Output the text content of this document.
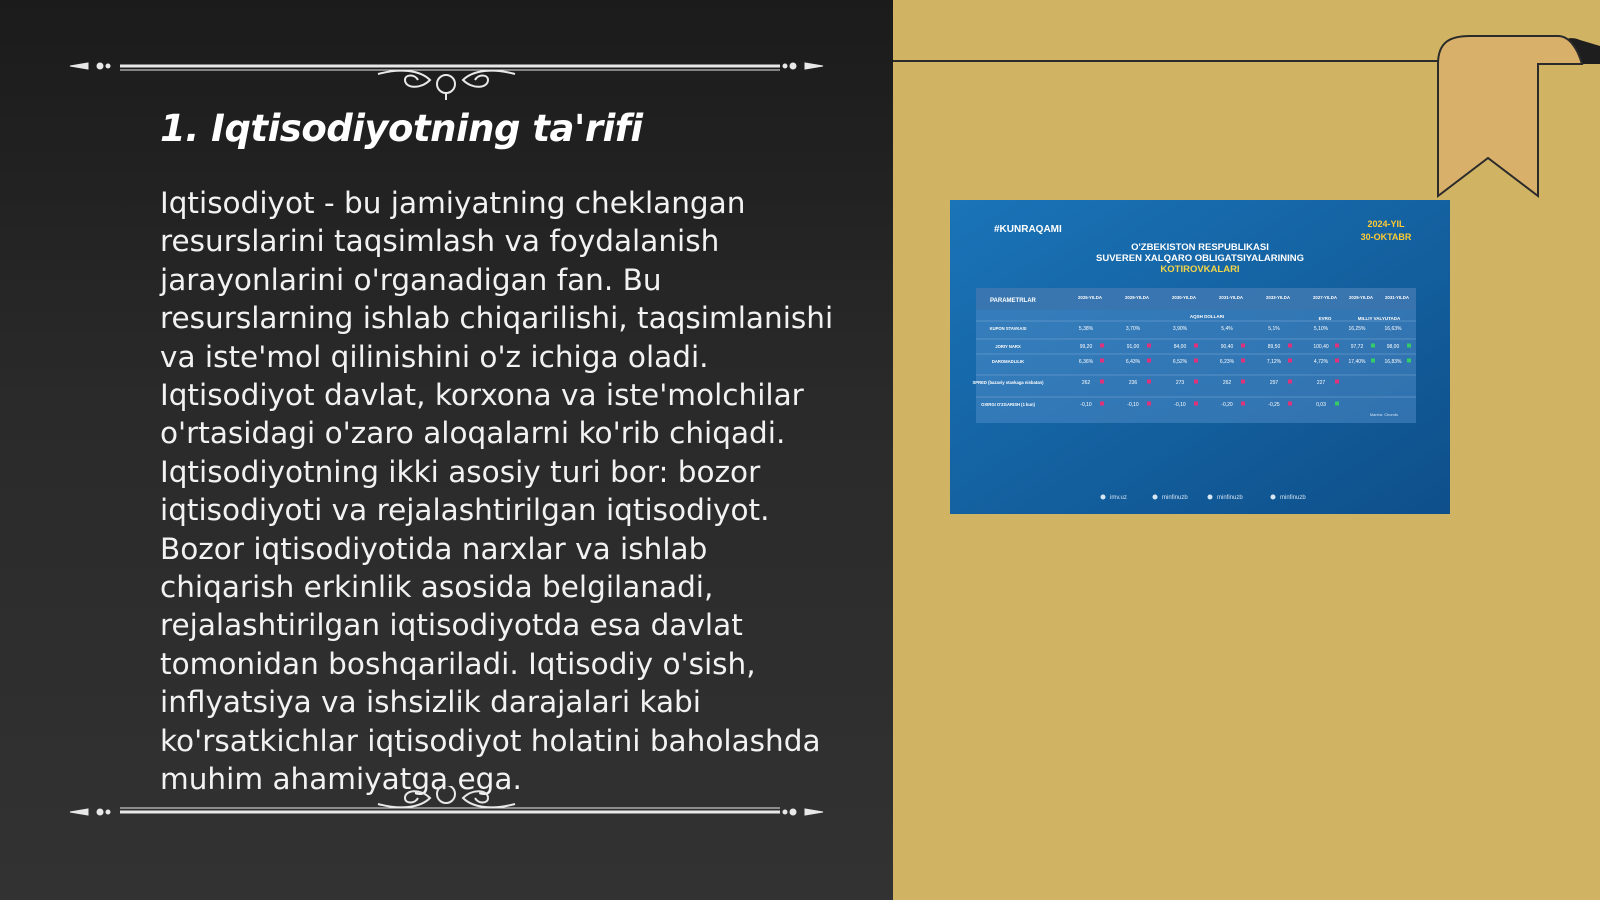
1. Iqtisodiyotning ta'rifi

Iqtisodiyot - bu jamiyatning cheklangan resurslarini taqsimlash va foydalanish jarayonlarini o'rganadigan fan. Bu resurslarning ishlab chiqarilishi, taqsimlanishi va iste'mol qilinishini o'z ichiga oladi. Iqtisodiyot davlat, korxona va iste'molchilar o'rtasidagi o'zaro aloqalarni ko'rib chiqadi. Iqtisodiyotning ikki asosiy turi bor: bozor iqtisodiyoti va rejalashtirilgan iqtisodiyot. Bozor iqtisodiyotida narxlar va ishlab chiqarish erkinlik asosida belgilanadi, rejalashtirilgan iqtisodiyotda esa davlat tomonidan boshqariladi. Iqtisodiy o'sish, inflyatsiya va ishsizlik darajalari kabi ko'rsatkichlar iqtisodiyot holatini baholashda muhim ahamiyatga ega.

#KUNRAQAMI	2024-YIL
30-OKTABR
O'ZBEKISTON RESPUBLIKASI
SUVEREN XALQARO OBLIGATSIYALARINING
KOTIROVKALARI
PARAMETRLAR
2025-YILDA	2029-YILDA	2030-YILDA	2031-YILDA	2033-YILDA	2027-YILDA	2029-YILDA	2031-YILDA
AQSH DOLLARI	EVRO	MILLIY VALYUTADA
KUPON STAVKASI	5,38%	3,70%	3,90%	5,4%	5,1%	5,10%	16,25%	16,63%
JORIY NARX	99,20	91,00	84,00	90,40	89,50	100,40	97,72	98,00
DAROMADLILIK	6,36%	6,43%	6,52%	6,23%	7,12%	4,72%	17,40%	16,83%
SPRED (bazaviy stavkaga nisbatan)	262	236	273	262	297	227
OXIRGI O'ZGARISH (1 kun)	-0,10	-0,10	-0,10	-0,20	-0,25	0,03
Manba: Cbonds
imv.uz	minfinuzb	minfinuzb	minfinuzb
